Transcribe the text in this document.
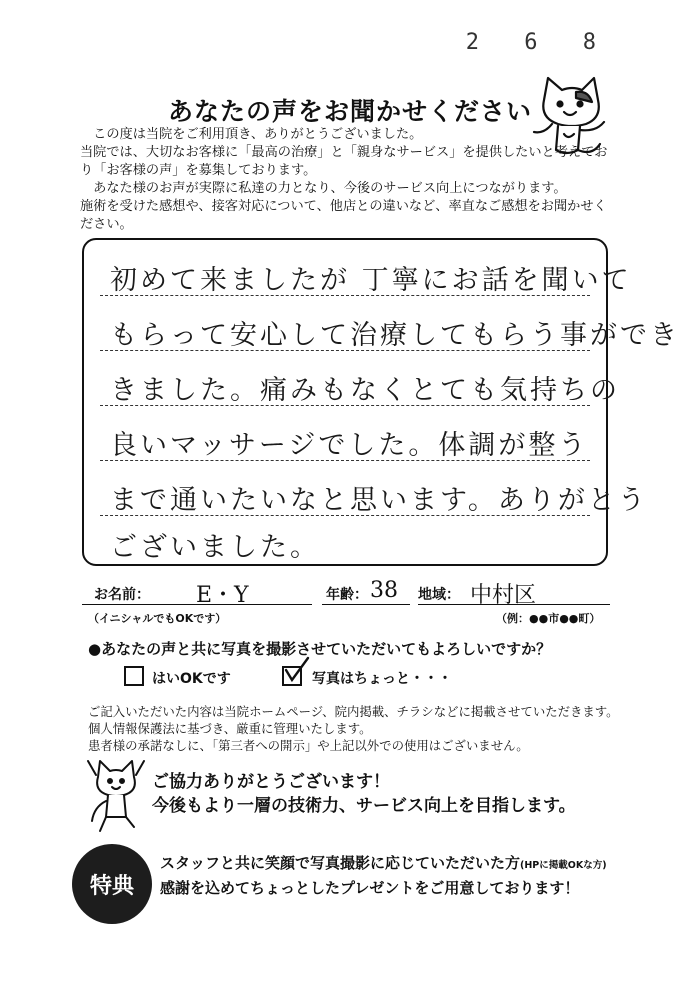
2 6 8
あなたの声をお聞かせください

　この度は当院をご利用頂き、ありがとうございました。

当院では、大切なお客様に「最高の治療」と「親身なサービス」を提供したいと考えてお

り「お客様の声」を募集しております。

　あなた様のお声が実際に私達の力となり、今後のサービス向上につながります。

施術を受けた感想や、接客対応について、他店との違いなど、率直なご感想をお聞かせく

ださい。

初めて来ましたが 丁寧にお話を聞いて
もらって安心して治療してもらう事ができ
きました。痛みもなくとても気持ちの
良いマッサージでした。体調が整う
まで通いたいなと思います。ありがとう
ございました。
お名前： E・Y
（イニシャルでもOKです）
年齢： 38 地域： 中村区
（例：●●市●●町）
●あなたの声と共に写真を撮影させていただいてもよろしいですか？
はいOKです	写真はちょっと・・・

ご記入いただいた内容は当院ホームページ、院内掲載、チラシなどに掲載させていただきます。

個人情報保護法に基づき、厳重に管理いたします。

患者様の承諾なしに、「第三者への開示」や上記以外での使用はございません。

ご協力ありがとうございます！

今後もより一層の技術力、サービス向上を目指します。

特典

スタッフと共に笑顔で写真撮影に応じていただいた方(HPに掲載OKな方)

感謝を込めてちょっとしたプレゼントをご用意しております！
